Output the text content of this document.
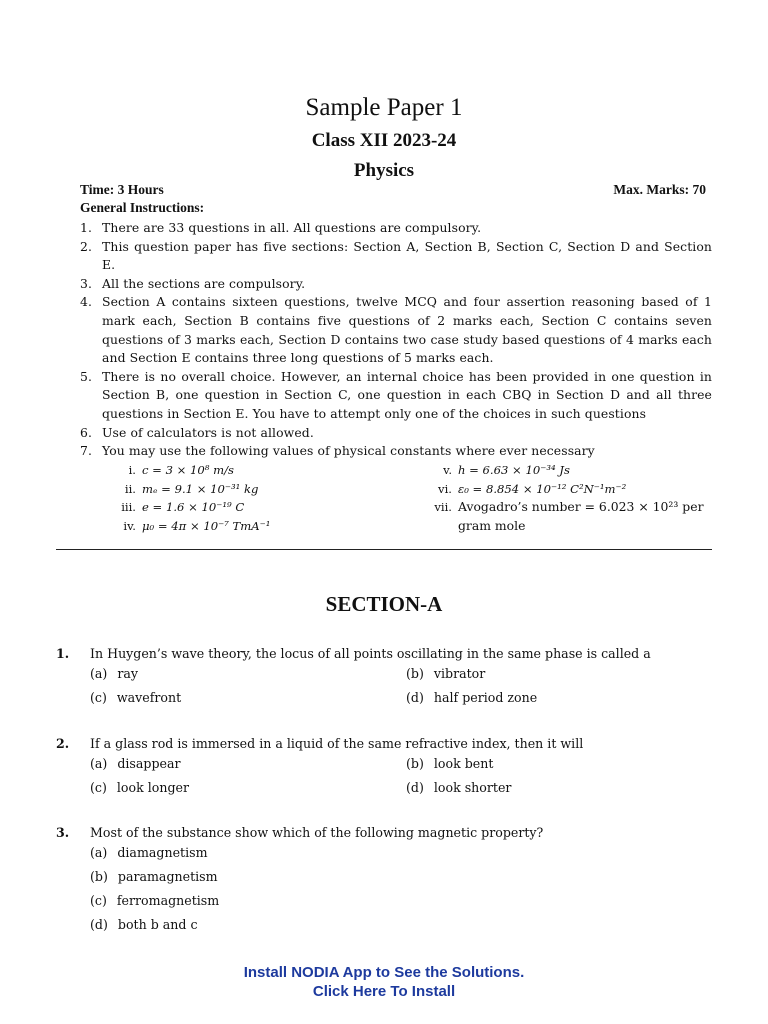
Sample Paper 1
Class XII 2023-24
Physics
Time: 3 Hours	Max. Marks: 70
General Instructions:
1. There are 33 questions in all. All questions are compulsory.
2. This question paper has five sections: Section A, Section B, Section C, Section D and Section E.
3. All the sections are compulsory.
4. Section A contains sixteen questions, twelve MCQ and four assertion reasoning based of 1 mark each, Section B contains five questions of 2 marks each, Section C contains seven questions of 3 marks each, Section D contains two case study based questions of 4 marks each and Section E contains three long questions of 5 marks each.
5. There is no overall choice. However, an internal choice has been provided in one question in Section B, one question in Section C, one question in each CBQ in Section D and all three questions in Section E. You have to attempt only one of the choices in such questions
6. Use of calculators is not allowed.
7. You may use the following values of physical constants where ever necessary
i. c = 3 × 10⁸ m/s	v. h = 6.63 × 10⁻³⁴ Js
ii. mₑ = 9.1 × 10⁻³¹ kg	vi. ε₀ = 8.854 × 10⁻¹² C²N⁻¹m⁻²
iii. e = 1.6 × 10⁻¹⁹ C	vii. Avogadro’s number = 6.023 × 10²³ per gram mole
iv. μ₀ = 4π × 10⁻⁷ TmA⁻¹
SECTION-A
1.	In Huygen’s wave theory, the locus of all points oscillating in the same phase is called a
(a) ray	(b) vibrator
(c) wavefront	(d) half period zone
2.	If a glass rod is immersed in a liquid of the same refractive index, then it will
(a) disappear	(b) look bent
(c) look longer	(d) look shorter
3.	Most of the substance show which of the following magnetic property?
(a) diamagnetism
(b) paramagnetism
(c) ferromagnetism
(d) both b and c
Install NODIA App to See the Solutions.
Click Here To Install
